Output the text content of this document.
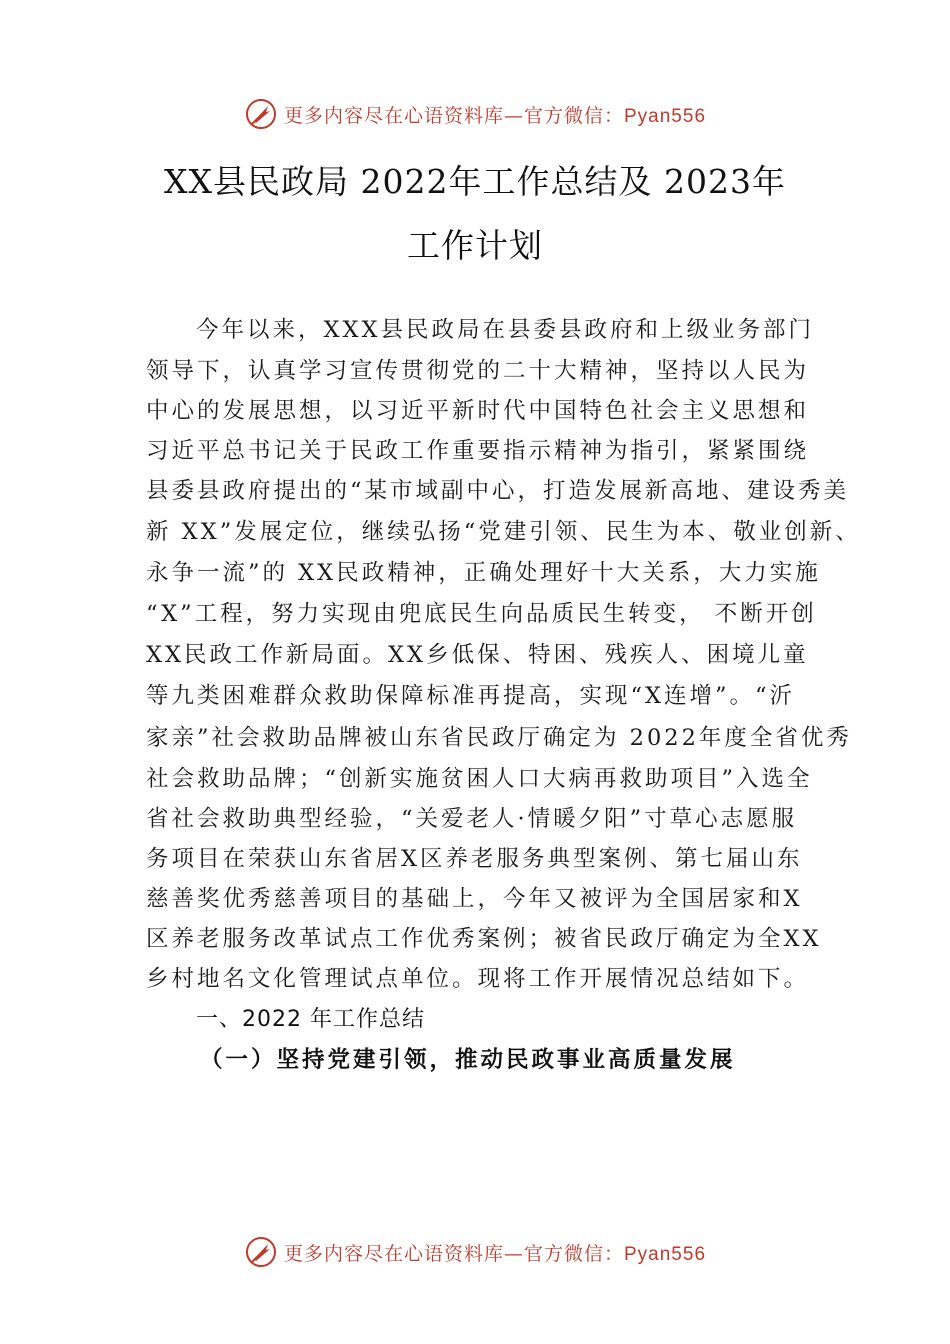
更多内容尽在心语资料库—官方微信：Pyan556
XX县民政局 2022年工作总结及 2023年
工作计划
今年以来，XXX县民政局在县委县政府和上级业务部门
领导下，认真学习宣传贯彻党的二十大精神，坚持以人民为
中心的发展思想，以习近平新时代中国特色社会主义思想和
习近平总书记关于民政工作重要指示精神为指引，紧紧围绕
县委县政府提出的“某市域副中心，打造发展新高地、建设秀美
新 XX”发展定位，继续弘扬“党建引领、民生为本、敬业创新、
永争一流”的 XX民政精神，正确处理好十大关系，大力实施
“X”工程，努力实现由兜底民生向品质民生转变， 不断开创
XX民政工作新局面。XX乡低保、特困、残疾人、困境儿童
等九类困难群众救助保障标准再提高，实现“X连增”。“沂
家亲”社会救助品牌被山东省民政厅确定为 2022年度全省优秀
社会救助品牌；“创新实施贫困人口大病再救助项目”入选全
省社会救助典型经验，“关爱老人·情暖夕阳”寸草心志愿服
务项目在荣获山东省居X区养老服务典型案例、第七届山东
慈善奖优秀慈善项目的基础上，今年又被评为全国居家和X
区养老服务改革试点工作优秀案例；被省民政厅确定为全XX
乡村地名文化管理试点单位。现将工作开展情况总结如下。
一、2022 年工作总结
（一）坚持党建引领，推动民政事业高质量发展
更多内容尽在心语资料库—官方微信：Pyan556
